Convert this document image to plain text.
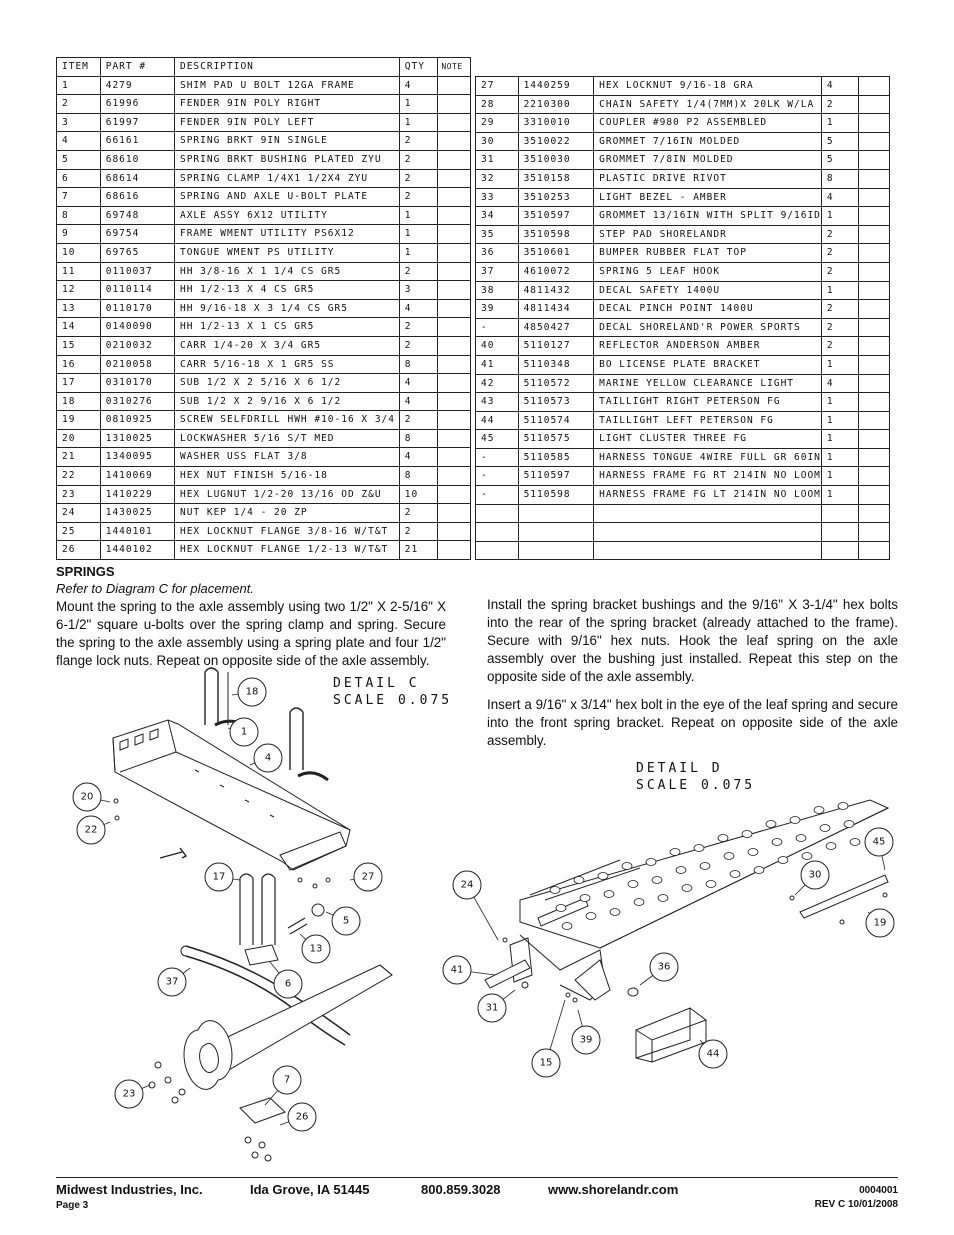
ITEM	PART #	DESCRIPTION	QTY	NOTE
1	4279	SHIM PAD U BOLT 12GA FRAME	4	
2	61996	FENDER 9IN POLY RIGHT	1	
3	61997	FENDER 9IN POLY LEFT	1	
4	66161	SPRING BRKT 9IN SINGLE	2	
5	68610	SPRING BRKT BUSHING PLATED ZYU	2	
6	68614	SPRING CLAMP 1/4X1 1/2X4 ZYU	2	
7	68616	SPRING AND AXLE U-BOLT PLATE	2	
8	69748	AXLE ASSY 6X12 UTILITY	1	
9	69754	FRAME WMENT UTILITY PS6X12	1	
10	69765	TONGUE WMENT PS UTILITY	1	
11	0110037	HH 3/8-16 X 1 1/4 CS GR5	2	
12	0110114	HH 1/2-13 X 4 CS GR5	3	
13	0110170	HH 9/16-18 X 3 1/4 CS GR5	4	
14	0140090	HH 1/2-13 X 1 CS GR5	2	
15	0210032	CARR 1/4-20 X 3/4 GR5	2	
16	0210058	CARR 5/16-18 X 1 GR5 SS	8	
17	0310170	SUB 1/2 X 2 5/16 X 6 1/2	4	
18	0310276	SUB 1/2 X 2 9/16 X 6 1/2	4	
19	0810925	SCREW SELFDRILL HWH #10-16 X 3/4	2	
20	1310025	LOCKWASHER 5/16 S/T MED	8	
21	1340095	WASHER USS FLAT 3/8	4	
22	1410069	HEX NUT FINISH 5/16-18	8	
23	1410229	HEX LUGNUT 1/2-20 13/16 OD Z&U	10	
24	1430025	NUT KEP 1/4 - 20 ZP	2	
25	1440101	HEX LOCKNUT FLANGE 3/8-16 W/T&T	2	
26	1440102	HEX LOCKNUT FLANGE 1/2-13 W/T&T	21	
27	1440259	HEX LOCKNUT 9/16-18 GRA	4	
28	2210300	CHAIN SAFETY 1/4(7MM)X 20LK W/LA	2	
29	3310010	COUPLER #980 P2 ASSEMBLED	1	
30	3510022	GROMMET 7/16IN MOLDED	5	
31	3510030	GROMMET 7/8IN MOLDED	5	
32	3510158	PLASTIC DRIVE RIVOT	8	
33	3510253	LIGHT BEZEL - AMBER	4	
34	3510597	GROMMET 13/16IN WITH SPLIT 9/16ID	1	
35	3510598	STEP PAD SHORELANDR	2	
36	3510601	BUMPER RUBBER FLAT TOP	2	
37	4610072	SPRING 5 LEAF HOOK	2	
38	4811432	DECAL SAFETY 1400U	1	
39	4811434	DECAL PINCH POINT 1400U	2	
-	4850427	DECAL SHORELAND'R POWER SPORTS	2	
40	5110127	REFLECTOR ANDERSON AMBER	2	
41	5110348	BO LICENSE PLATE BRACKET	1	
42	5110572	MARINE YELLOW CLEARANCE LIGHT	4	
43	5110573	TAILLIGHT RIGHT PETERSON FG	1	
44	5110574	TAILLIGHT LEFT PETERSON FG	1	
45	5110575	LIGHT CLUSTER THREE FG	1	
-	5110585	HARNESS TONGUE 4WIRE FULL GR 60IN	1	
-	5110597	HARNESS FRAME FG RT 214IN NO LOOM	1	
-	5110598	HARNESS FRAME FG LT 214IN NO LOOM	1	

SPRINGS
Refer to Diagram C for placement.
Mount the spring to the axle assembly using two 1/2" X 2-5/16" X 6-1/2" square u-bolts over the spring clamp and spring. Secure the spring to the axle assembly using a spring plate and four 1/2" flange lock nuts. Repeat on opposite side of the axle assembly.
Install the spring bracket bushings and the 9/16" X 3-1/4" hex bolts into the rear of the spring bracket (already attached to the frame). Secure with 9/16" hex nuts. Hook the leaf spring on the axle assembly over the bushing just installed. Repeat this step on the opposite side of the axle assembly.
Insert a 9/16" x 3/14" hex bolt in the eye of the leaf spring and secure into the front spring bracket. Repeat on opposite side of the axle assembly.
DETAIL C
SCALE 0.075
DETAIL D
SCALE 0.075
18
1
4
20
22
17	27
5
13
37	6
7
23
26
24
41
31
15
39
36
44
30
45
19
Midwest Industries, Inc.	Ida Grove, IA 51445	800.859.3028	www.shorelandr.com
Page 3
0004001
REV C 10/01/2008
